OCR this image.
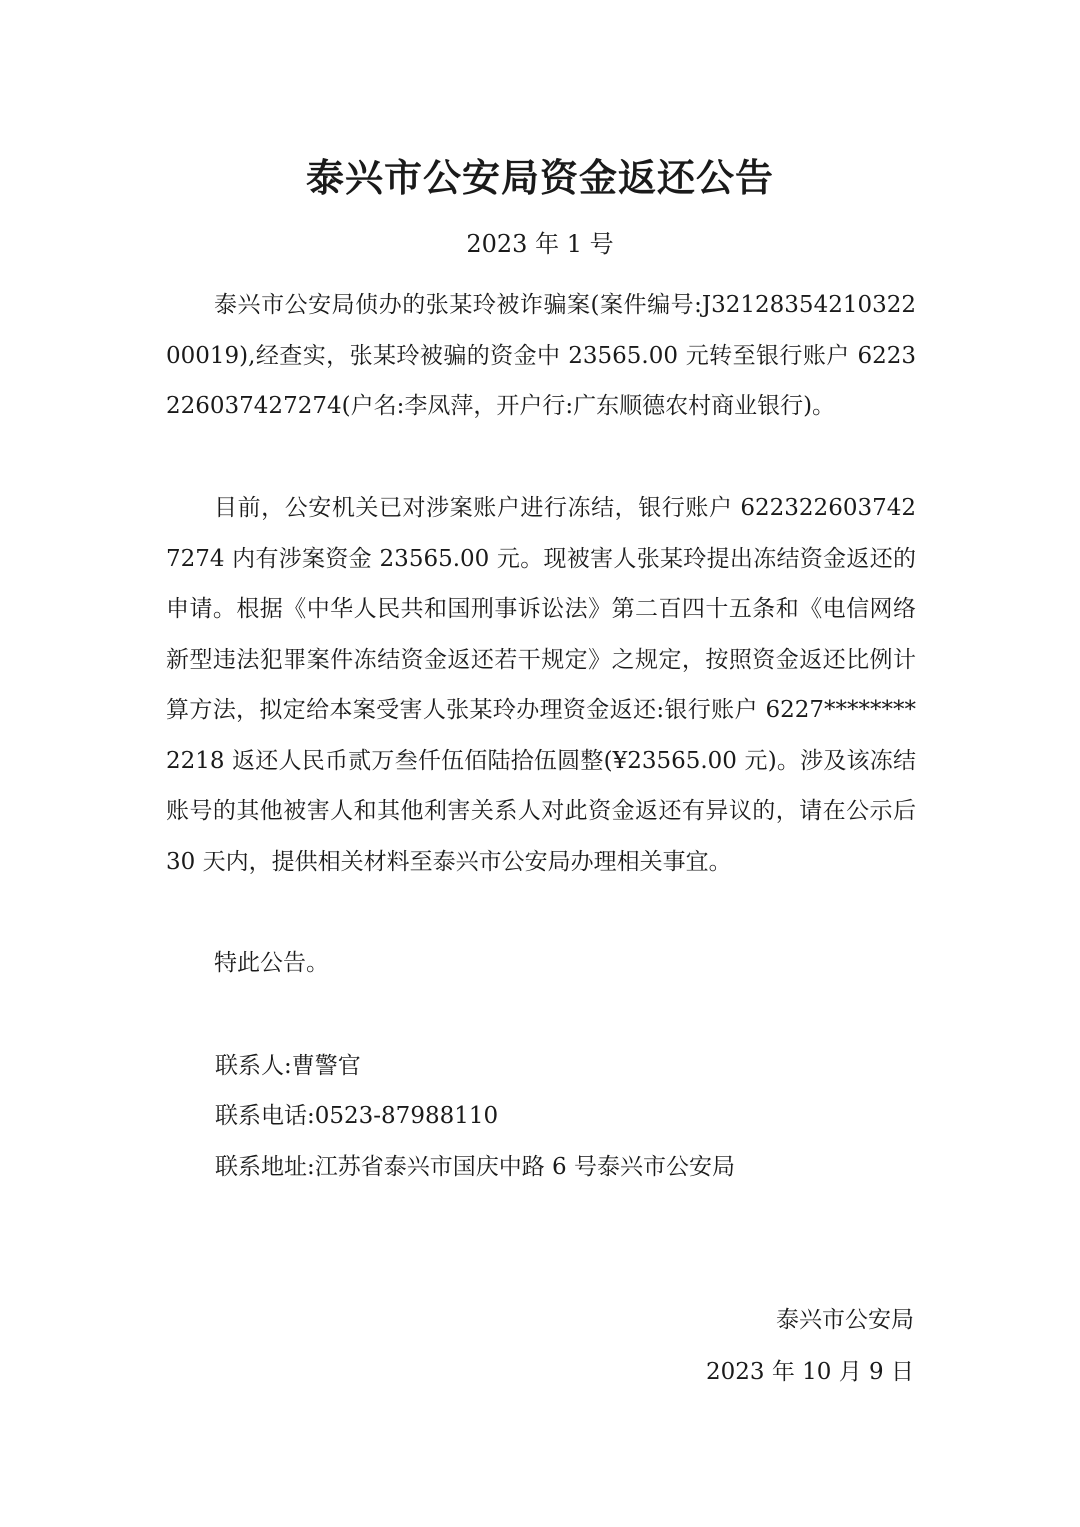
泰兴市公安局资金返还公告
2023 年 1 号

泰兴市公安局侦办的张某玲被诈骗案(案件编号:J3212835421032200019),经查实，张某玲被骗的资金中 23565.00 元转至银行账户 6223226037427274(户名:李凤萍，开户行:广东顺德农村商业银行)。

目前，公安机关已对涉案账户进行冻结，银行账户 6223226037427274 内有涉案资金 23565.00 元。现被害人张某玲提出冻结资金返还的申请。根据《中华人民共和国刑事诉讼法》第二百四十五条和《电信网络新型违法犯罪案件冻结资金返还若干规定》之规定，按照资金返还比例计算方法，拟定给本案受害人张某玲办理资金返还:银行账户 6227********2218 返还人民币贰万叁仟伍佰陆拾伍圆整(¥23565.00 元)。涉及该冻结账号的其他被害人和其他利害关系人对此资金返还有异议的，请在公示后 30 天内，提供相关材料至泰兴市公安局办理相关事宜。

特此公告。

联系人:曹警官

联系电话:0523-87988110

联系地址:江苏省泰兴市国庆中路 6 号泰兴市公安局

泰兴市公安局
2023 年 10 月 9 日
